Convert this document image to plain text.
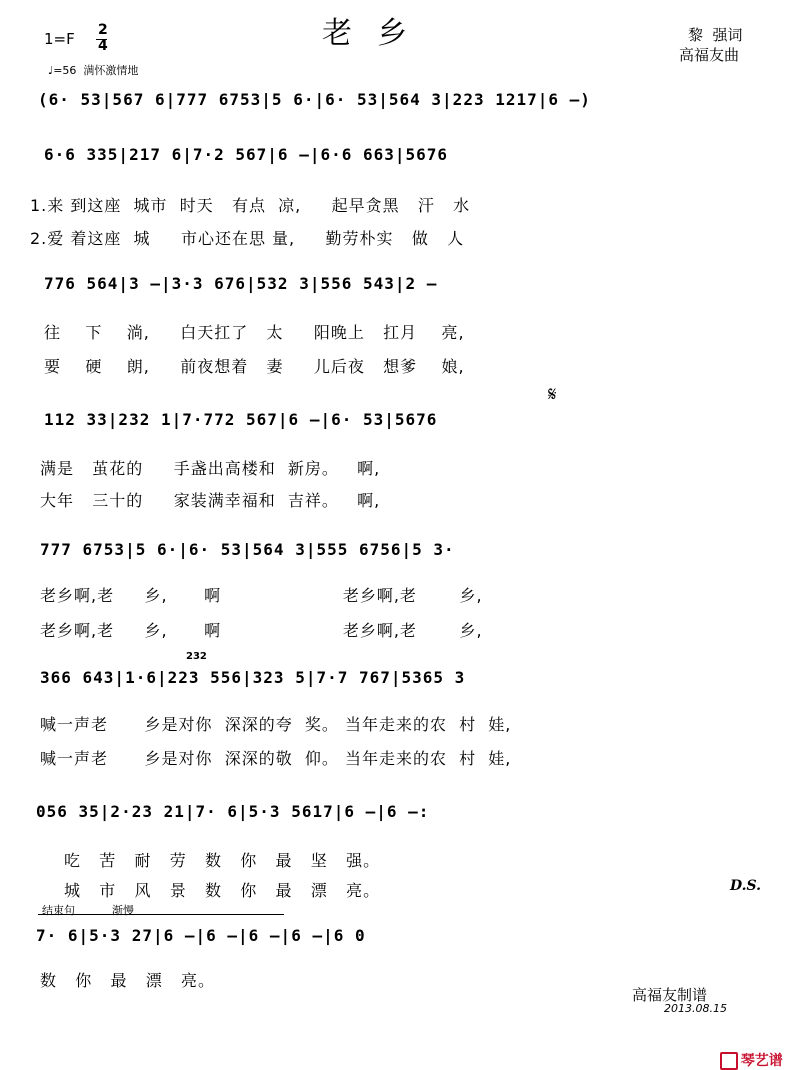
1=F 2
4	老  乡	黎  强词
高福友曲
♩=56  满怀激情地
(6· 53|567 6|777 6753|5 6·|6· 53|564 3|223 1217|6 –)
6·6 335|217 6|7·2 567|6 –|6·6 663|5676
1.来 到这座  城市  时天   有点  凉,     起早贪黑   汗   水
2.爱 着这座  城     市心还在思 量,     勤劳朴实   做   人
776 564|3 –|3·3 676|532 3|556 543|2 –
往    下    淌,     白天扛了   太     阳晚上   扛月    亮,
要    硬    朗,     前夜想着   妻     儿后夜   想爹    娘,
112 33|232 1|7·772 567|6 –|6· 53|5676
𝄋
满是   茧花的     手盏出高楼和  新房。   啊,
大年   三十的     家装满幸福和  吉祥。   啊,
777 6753|5 6·|6· 53|564 3|555 6756|5 3·
老乡啊,老     乡,      啊                    老乡啊,老       乡,
老乡啊,老     乡,      啊                    老乡啊,老       乡,
232
366 643|1·6|223 556|323 5|7·7 767|5365 3
喊一声老      乡是对你  深深的夸  奖。 当年走来的农  村  娃,
喊一声老      乡是对你  深深的敬  仰。 当年走来的农  村  娃,
056 35|2·23 21|7· 6|5·3 5617|6 –|6 –:
吃   苦   耐   劳   数   你   最   坚   强。
城   市   风   景   数   你   最   漂   亮。	D.S.
结束句	渐慢
7· 6|5·3 27|6 –|6 –|6 –|6 –|6 0
数   你   最   漂   亮。
高福友制谱
2013.08.15

琴艺谱
